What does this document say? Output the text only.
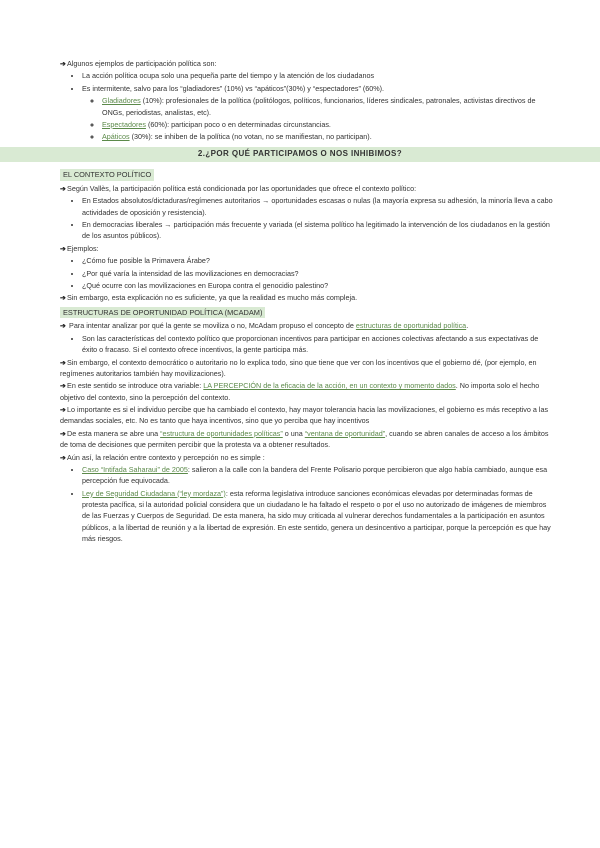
➔Algunos ejemplos de participación política son:

• La acción política ocupa solo una pequeña parte del tiempo y la atención de los ciudadanos
• Es intermitente, salvo para los “gladiadores” (10%) vs “apáticos”(30%) y “espectadores” (60%).
◦ Gladiadores (10%): profesionales de la política (politólogos, políticos, funcionarios, líderes sindicales, patronales, activistas directivos de ONGs, periodistas, analistas, etc).
◦ Espectadores (60%): participan poco o en determinadas circunstancias.
◦ Apáticos (30%): se inhiben de la política (no votan, no se manifiestan, no participan).
2.¿POR QUÉ PARTICIPAMOS O NOS INHIBIMOS?
EL CONTEXTO POLÍTICO

➔Según Vallès, la participación política está condicionada por las oportunidades que ofrece el contexto político:

• En Estados absolutos/dictaduras/regímenes autoritarios → oportunidades escasas o nulas (la mayoría expresa su adhesión, la minoría lleva a cabo actividades de oposición y resistencia).
• En democracias liberales → participación más frecuente y variada (el sistema político ha legitimado la intervención de los ciudadanos en la gestión de los asuntos públicos).

➔Ejemplos:

• ¿Cómo fue posible la Primavera Árabe?
• ¿Por qué varía la intensidad de las movilizaciones en democracias?
• ¿Qué ocurre con las movilizaciones en Europa contra el genocidio palestino?

➔Sin embargo, esta explicación no es suficiente, ya que la realidad es mucho más compleja.

ESTRUCTURAS DE OPORTUNIDAD POLÍTICA (MCADAM)

➔ Para intentar analizar por qué la gente se moviliza o no, McAdam propuso el concepto de estructuras de oportunidad política.

• Son las características del contexto político que proporcionan incentivos para participar en acciones colectivas afectando a sus expectativas de éxito o fracaso. Si el contexto ofrece incentivos, la gente participa más.

➔Sin embargo, el contexto democrático o autoritario no lo explica todo, sino que tiene que ver con los incentivos que el gobierno dé, (por ejemplo, en regímenes autoritarios también hay movilizaciones).

➔En este sentido se introduce otra variable: LA PERCEPCIÓN de la eficacia de la acción, en un contexto y momento dados. No importa solo el hecho objetivo del contexto, sino la percepción del contexto.

➔Lo importante es si el individuo percibe que ha cambiado el contexto, hay mayor tolerancia hacia las movilizaciones, el gobierno es más receptivo a las demandas sociales, etc. No es tanto que haya incentivos, sino que yo perciba que hay incentivos

➔De esta manera se abre una “estructura de oportunidades políticas” o una “ventana de oportunidad”, cuando se abren canales de acceso a los ámbitos de toma de decisiones que permiten percibir que la protesta va a obtener resultados.

➔Aún así, la relación entre contexto y percepción no es simple :

• Caso “Intifada Saharaui” de 2005: salieron a la calle con la bandera del Frente Polisario porque percibieron que algo había cambiado, aunque esa percepción fue equivocada.
• Ley de Seguridad Ciudadana (“ley mordaza”): esta reforma legislativa introduce sanciones económicas elevadas por determinadas formas de protesta pacífica, si la autoridad policial considera que un ciudadano le ha faltado el respeto o por el uso no autorizado de imágenes de miembros de las Fuerzas y Cuerpos de Seguridad. De esta manera, ha sido muy criticada al vulnerar derechos fundamentales a la participación en asuntos públicos, a la libertad de reunión y a la libertad de expresión. En este sentido, genera un desincentivo a participar, porque la percepción es que hay más riesgos.
